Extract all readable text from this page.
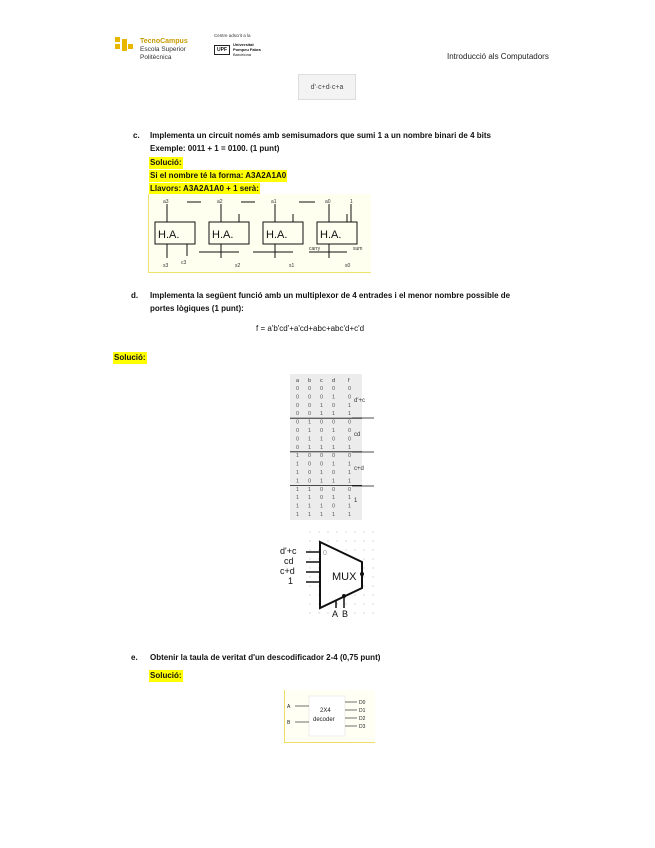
TecnoCampus
Escola Superior
Politècnica
Centre adscrit a la
UPF
Universitat
Pompeu Fabra
Barcelona	Introducció als Computadors
d'·c+d·c+a
c. Implementa un circuit només amb semisumadors que sumi 1 a un nombre binari de 4 bits
Exemple: 0011 + 1 = 0100. (1 punt)
Solució:
Si el nombre té la forma: A3A2A1A0
Llavors: A3A2A1A0 + 1 serà:
H.A.	H.A.	H.A.	H.A.
a3	a2	a1	a0	1
s3	s2	s1	s0
c3
carry	sum
d. Implementa la següent funció amb un multiplexor de 4 entrades i el menor nombre possible de
portes lògiques (1 punt):
f = a'b'cd'+a'cd+abc+abc'd+c'd
Solució:
a b c d f
0 0 0 0 0
0 0 0 1 0
0 0 1 0 1
0 0 1 1 1
0 1 0 0 0
0 1 0 1 0
0 1 1 0 0
0 1 1 1 1
1 0 0 0 0
1 0 0 1 1
1 0 1 0 1
1 0 1 1 1
1 1 0 0 0
1 1 0 1 1
1 1 1 0 1
1 1 1 1 1
d'+c
cd
c+d
1
d'+c
cd
c+d
1	MUX
A B
0
e. Obtenir la taula de veritat d'un descodificador 2-4 (0,75 punt)
Solució:
A
B
2X4
decoder
D0
D1
D2
D3
